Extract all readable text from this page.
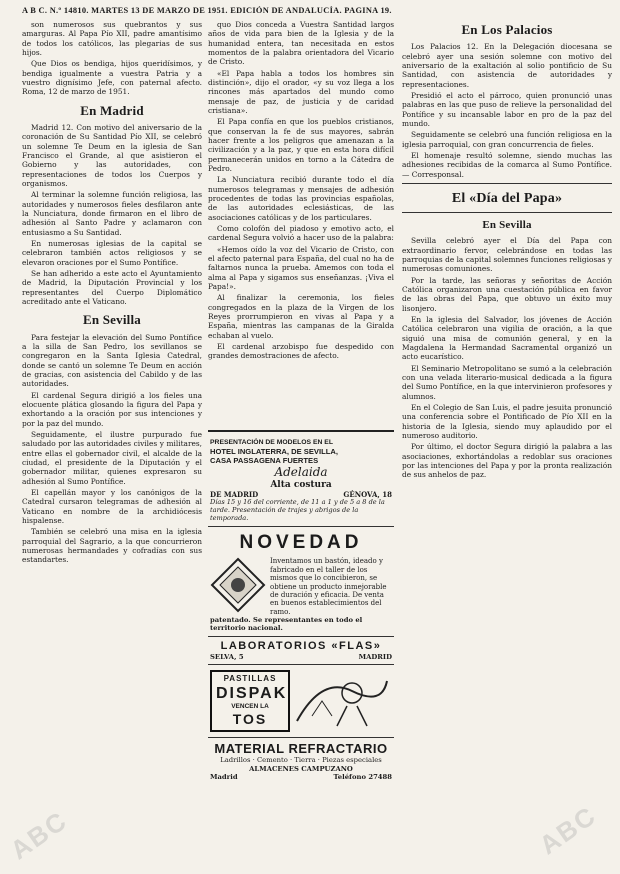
A B C. N.º 14810. MARTES 13 DE MARZO DE 1951. EDICIÓN DE ANDALUCÍA. PAGINA 19.

son numerosos sus quebrantos y sus amarguras. Al Papa Pío XII, padre amantísimo de todos los católicos, las plegarias de sus hijos.

Que Dios os bendiga, hijos queridísimos, y bendiga igualmente a vuestra Patria y a vuestro dignísimo Jefe, con paternal afecto. Roma, 12 de marzo de 1951.

En Madrid

Madrid 12. Con motivo del aniversario de la coronación de Su Santidad Pío XII, se celebró un solemne Te Deum en la iglesia de San Francisco el Grande, al que asistieron el Gobierno y las autoridades, con representaciones de todos los Cuerpos y organismos.

Al terminar la solemne función religiosa, las autoridades y numerosos fieles desfilaron ante la Nunciatura, donde firmaron en el libro de adhesión al Santo Padre y aclamaron con entusiasmo a Su Santidad.

En numerosas iglesias de la capital se celebraron también actos religiosos y se elevaron oraciones por el Sumo Pontífice.

Se han adherido a este acto el Ayuntamiento de Madrid, la Diputación Provincial y los representantes del Cuerpo Diplomático acreditado ante el Vaticano.

En Sevilla

Para festejar la elevación del Sumo Pontífice a la silla de San Pedro, los sevillanos se congregaron en la Santa Iglesia Catedral, donde se cantó un solemne Te Deum en acción de gracias, con asistencia del Cabildo y de las autoridades.

El cardenal Segura dirigió a los fieles una elocuente plática glosando la figura del Papa y exhortando a la oración por sus intenciones y por la paz del mundo.

Seguidamente, el ilustre purpurado fue saludado por las autoridades civiles y militares, entre ellas el gobernador civil, el alcalde de la ciudad, el presidente de la Diputación y el gobernador militar, quienes expresaron su adhesión al Sumo Pontífice.

El capellán mayor y los canónigos de la Catedral cursaron telegramas de adhesión al Vaticano en nombre de la archidiócesis hispalense.

También se celebró una misa en la iglesia parroquial del Sagrario, a la que concurrieron numerosas hermandades y cofradías con sus estandartes.

quo Dios conceda a Vuestra Santidad largos años de vida para bien de la Iglesia y de la humanidad entera, tan necesitada en estos momentos de la palabra orientadora del Vicario de Cristo.

«El Papa habla a todos los hombres sin distinción», dijo el orador, «y su voz llega a los rincones más apartados del mundo como mensaje de paz, de justicia y de caridad cristiana».

El Papa confía en que los pueblos cristianos, que conservan la fe de sus mayores, sabrán hacer frente a los peligros que amenazan a la civilización y a la paz, y que en esta hora difícil permanecerán unidos en torno a la Cátedra de Pedro.

La Nunciatura recibió durante todo el día numerosos telegramas y mensajes de adhesión procedentes de todas las provincias españolas, de las autoridades eclesiásticas, de las asociaciones católicas y de los particulares.

Como colofón del piadoso y emotivo acto, el cardenal Segura volvió a hacer uso de la palabra:

«Hemos oído la voz del Vicario de Cristo, con el afecto paternal para España, del cual no ha de faltarnos nunca la prueba. Amemos con toda el alma al Papa y sigamos sus enseñanzas. ¡Viva el Papa!».

Al finalizar la ceremonia, los fieles congregados en la plaza de la Virgen de los Reyes prorrumpieron en vivas al Papa y a España, mientras las campanas de la Giralda echaban al vuelo.

El cardenal arzobispo fue despedido con grandes demostraciones de afecto.

PRESENTACIÓN DE MODELOS EN EL
HOTEL INGLATERRA, DE SEVILLA,
CASA PASSAGENA FUERTES
Adelaida
Alta costura
DE MADRID	GÉNOVA, 18
Días 15 y 16 del corriente, de 11 a 1 y de 5 a 8 de la tarde. Presentación de trajes y abrigos de la temporada.
NOVEDAD
Inventamos un bastón, ideado y fabricado en el taller de los mismos que lo concibieron, se obtiene un producto inmejorable de duración y eficacia. De venta en buenos establecimientos del ramo.
patentado. Se representantes en todo el territorio nacional.
LABORATORIOS «FLAS»
SELVA, 5	MADRID
PASTILLAS
DISPAK
VENCEN LA
TOS
MATERIAL REFRACTARIO
Ladrillos · Cemento · Tierra · Piezas especiales
ALMACENES CAMPUZANO
Madrid	Teléfono 27488
En Los Palacios

Los Palacios 12. En la Delegación diocesana se celebró ayer una sesión solemne con motivo del aniversario de la exaltación al solio pontificio de Su Santidad, con asistencia de autoridades y representaciones.

Presidió el acto el párroco, quien pronunció unas palabras en las que puso de relieve la personalidad del Pontífice y su incansable labor en pro de la paz del mundo.

Seguidamente se celebró una función religiosa en la iglesia parroquial, con gran concurrencia de fieles.

El homenaje resultó solemne, siendo muchas las adhesiones recibidas de la comarca al Sumo Pontífice. — Corresponsal.

El «Día del Papa»
En Sevilla

Sevilla celebró ayer el Día del Papa con extraordinario fervor, celebrándose en todas las parroquias de la capital solemnes funciones religiosas y numerosas comuniones.

Por la tarde, las señoras y señoritas de Acción Católica organizaron una cuestación pública en favor de las obras del Papa, que obtuvo un éxito muy lisonjero.

En la iglesia del Salvador, los jóvenes de Acción Católica celebraron una vigilia de oración, a la que siguió una misa de comunión general, y en la Magdalena la Hermandad Sacramental organizó un acto eucarístico.

El Seminario Metropolitano se sumó a la celebración con una velada literario-musical dedicada a la figura del Sumo Pontífice, en la que intervinieron profesores y alumnos.

En el Colegio de San Luis, el padre jesuita pronunció una conferencia sobre el Pontificado de Pío XII en la historia de la Iglesia, siendo muy aplaudido por el numeroso auditorio.

Por último, el doctor Segura dirigió la palabra a las asociaciones, exhortándolas a redoblar sus oraciones por las intenciones del Papa y por la pronta realización de sus anhelos de paz.

ABC	ABC
